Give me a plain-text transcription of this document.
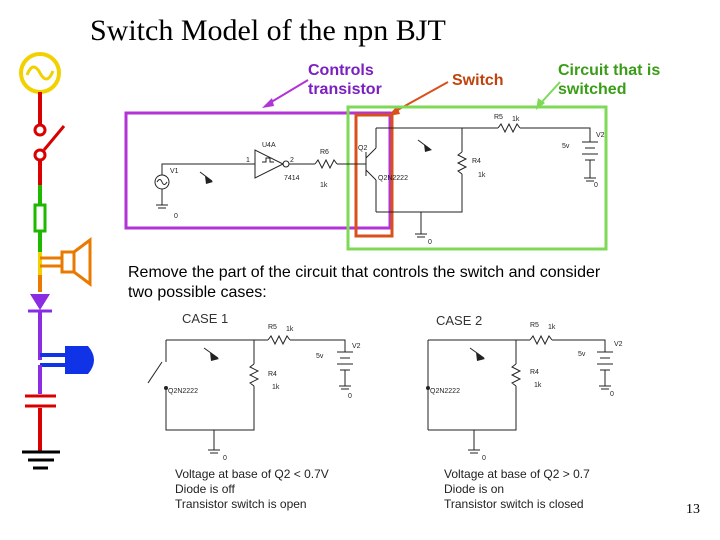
Switch Model of the npn BJT
Controls
transistor
Switch
Circuit that is
switched
V1
U4A
1	2
7414
R6
1k
Q2
Q2N2222
R5 1k
R4
1k
V2
5v
0
0
0
Remove the part of the circuit that controls the switch and consider two possible cases:
R5 1k
R4
1k
V2
5v
Q2N2222
0
0
R5 1k
R4
1k
V2
5v
Q2N2222	0
0
CASE 1	CASE 2
Voltage at base of Q2 < 0.7V
Diode is off
Transistor switch is open
Voltage at base of Q2 > 0.7
Diode is on
Transistor switch is closed	13
